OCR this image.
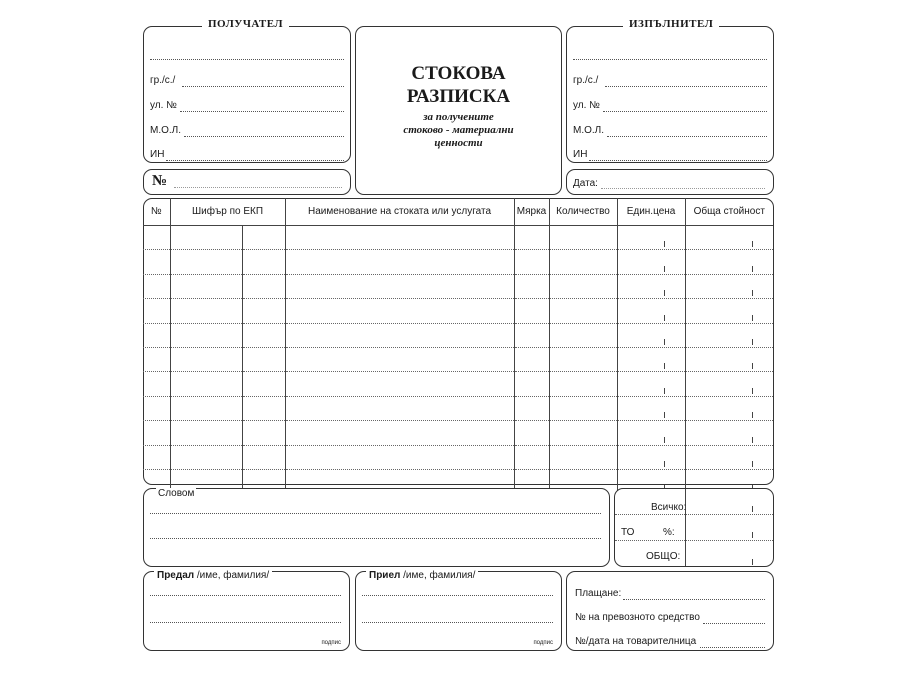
ПОЛУЧАТЕЛ
гр./с./
ул. №
М.О.Л.
ИН
№
СТОКОВА
РАЗПИСКА
за получените
стоково - материални
ценности
ИЗПЪЛНИТЕЛ
гр./с./
ул. №
М.О.Л.
ИН
Дата:
№	Шифър по ЕКП		Наименование на стоката или услугата	Мярка	Количество	Един.цена	Обща стойност

Словом
Всичко:
ТО	%:
ОБЩО:
Предал /име, фамилия/
подпис
Приел /име, фамилия/
подпис
Плащане:
№ на превозното средство
№/дата на товарителница
